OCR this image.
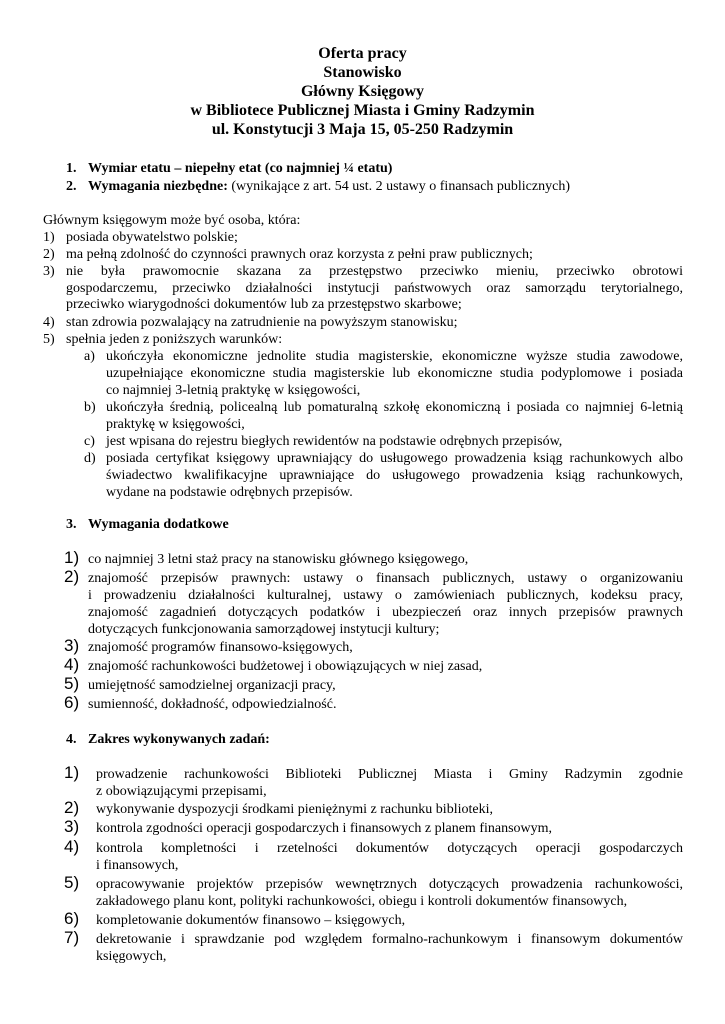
Oferta pracy
Stanowisko
Główny Księgowy
w Bibliotece Publicznej Miasta i Gminy Radzymin
ul. Konstytucji 3 Maja 15, 05-250 Radzymin
1. Wymiar etatu – niepełny etat (co najmniej ¼ etatu)
2. Wymagania niezbędne: (wynikające z art. 54 ust. 2 ustawy o finansach publicznych)
Głównym księgowym może być osoba, która:
1) posiada obywatelstwo polskie;
2) ma pełną zdolność do czynności prawnych oraz korzysta z pełni praw publicznych;
3) nie była prawomocnie skazana za przestępstwo przeciwko mieniu, przeciwko obrotowi
gospodarczemu, przeciwko działalności instytucji państwowych oraz samorządu terytorialnego,
przeciwko wiarygodności dokumentów lub za przestępstwo skarbowe;
4) stan zdrowia pozwalający na zatrudnienie na powyższym stanowisku;
5) spełnia jeden z poniższych warunków:
a) ukończyła ekonomiczne jednolite studia magisterskie, ekonomiczne wyższe studia zawodowe,
uzupełniające ekonomiczne studia magisterskie lub ekonomiczne studia podyplomowe i posiada
co najmniej 3-letnią praktykę w księgowości,
b) ukończyła średnią, policealną lub pomaturalną szkołę ekonomiczną i posiada co najmniej 6-letnią
praktykę w księgowości,
c) jest wpisana do rejestru biegłych rewidentów na podstawie odrębnych przepisów,
d) posiada certyfikat księgowy uprawniający do usługowego prowadzenia ksiąg rachunkowych albo
świadectwo kwalifikacyjne uprawniające do usługowego prowadzenia ksiąg rachunkowych,
wydane na podstawie odrębnych przepisów.
3. Wymagania dodatkowe
1) co najmniej 3 letni staż pracy na stanowisku głównego księgowego,
2) znajomość przepisów prawnych: ustawy o finansach publicznych, ustawy o organizowaniu
i prowadzeniu działalności kulturalnej, ustawy o zamówieniach publicznych, kodeksu pracy,
znajomość zagadnień dotyczących podatków i ubezpieczeń oraz innych przepisów prawnych
dotyczących funkcjonowania samorządowej instytucji kultury;
3) znajomość programów finansowo-księgowych,
4) znajomość rachunkowości budżetowej i obowiązujących w niej zasad,
5) umiejętność samodzielnej organizacji pracy,
6) sumienność, dokładność, odpowiedzialność.
4. Zakres wykonywanych zadań:
1) prowadzenie rachunkowości Biblioteki Publicznej Miasta i Gminy Radzymin zgodnie
z obowiązującymi przepisami,
2) wykonywanie dyspozycji środkami pieniężnymi z rachunku biblioteki,
3) kontrola zgodności operacji gospodarczych i finansowych z planem finansowym,
4) kontrola kompletności i rzetelności dokumentów dotyczących operacji gospodarczych
i finansowych,
5) opracowywanie projektów przepisów wewnętrznych dotyczących prowadzenia rachunkowości,
zakładowego planu kont, polityki rachunkowości, obiegu i kontroli dokumentów finansowych,
6) kompletowanie dokumentów finansowo – księgowych,
7) dekretowanie i sprawdzanie pod względem formalno-rachunkowym i finansowym dokumentów
księgowych,
